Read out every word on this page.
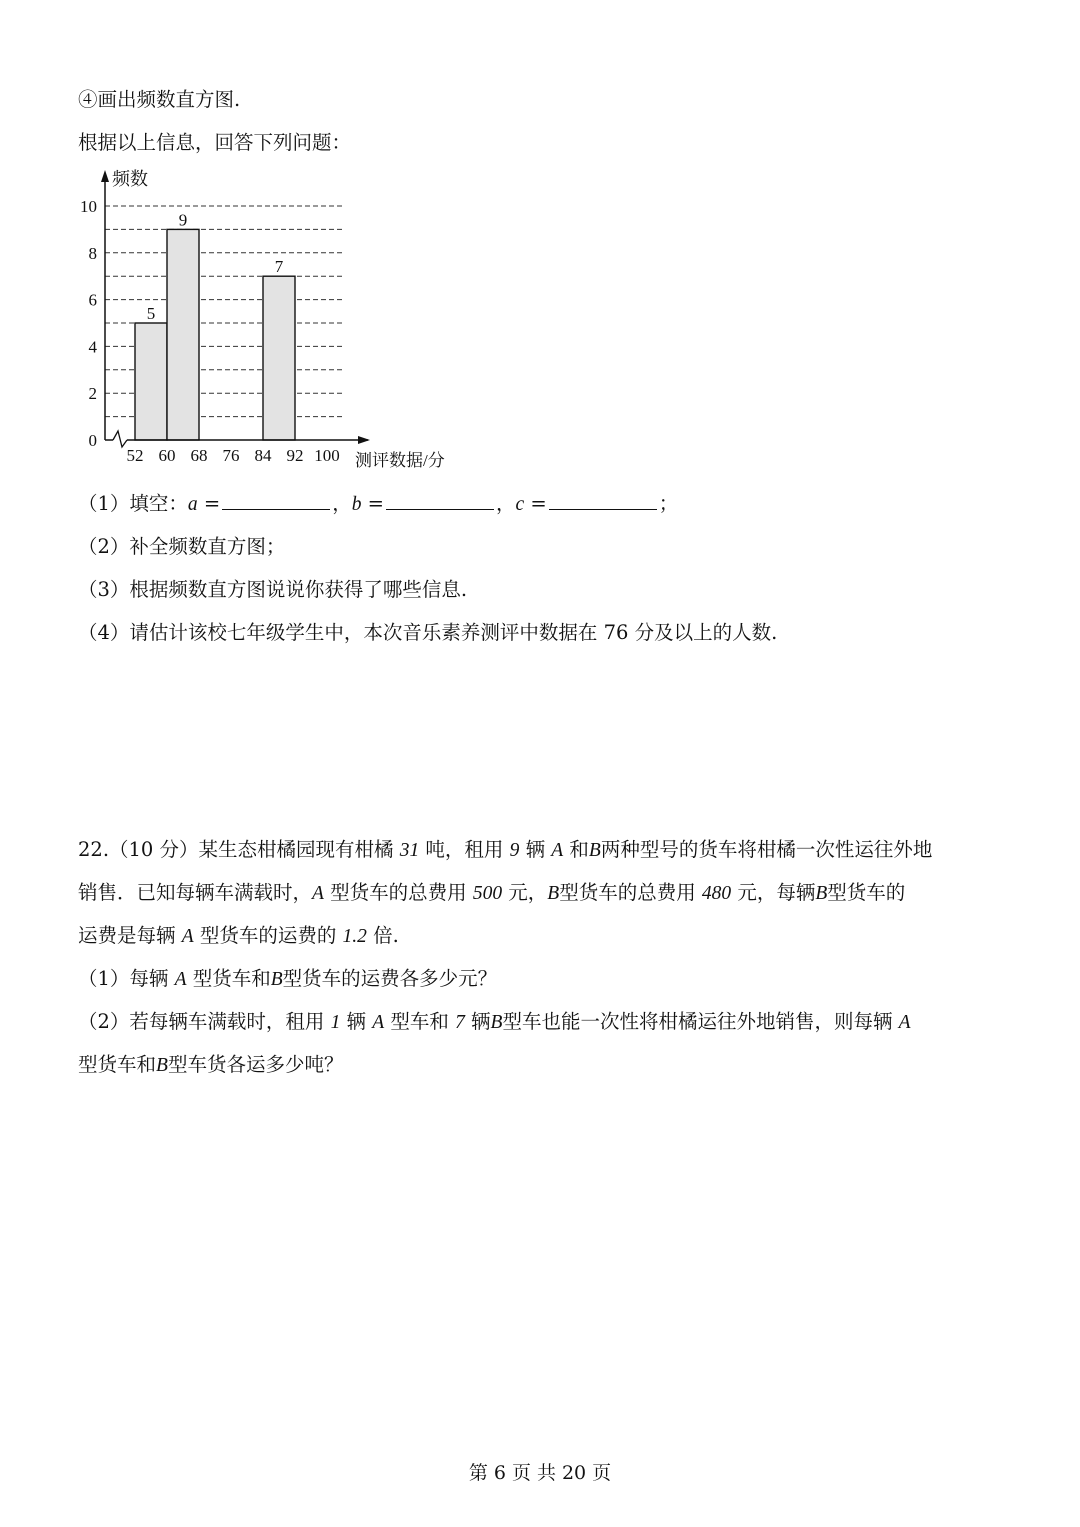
④画出频数直方图.
根据以上信息，回答下列问题：
5
9
7
0
2
4
6
8
10
52 60 68 76 84 92 100
频数
测评数据/分
（1）填空：a =	，b =	，c =	；
（2）补全频数直方图；
（3）根据频数直方图说说你获得了哪些信息.
（4）请估计该校七年级学生中，本次音乐素养测评中数据在 76 分及以上的人数.
22.（10 分）某生态柑橘园现有柑橘 31 吨，租用 9 辆 A 和B两种型号的货车将柑橘一次性运往外地
销售．已知每辆车满载时，A 型货车的总费用 500 元，B型货车的总费用 480 元，每辆B型货车的
运费是每辆 A 型货车的运费的 1.2 倍.
（1）每辆 A 型货车和B型货车的运费各多少元？
（2）若每辆车满载时，租用 1 辆 A 型车和 7 辆B型车也能一次性将柑橘运往外地销售，则每辆 A
型货车和B型车货各运多少吨？
第 6 页 共 20 页
